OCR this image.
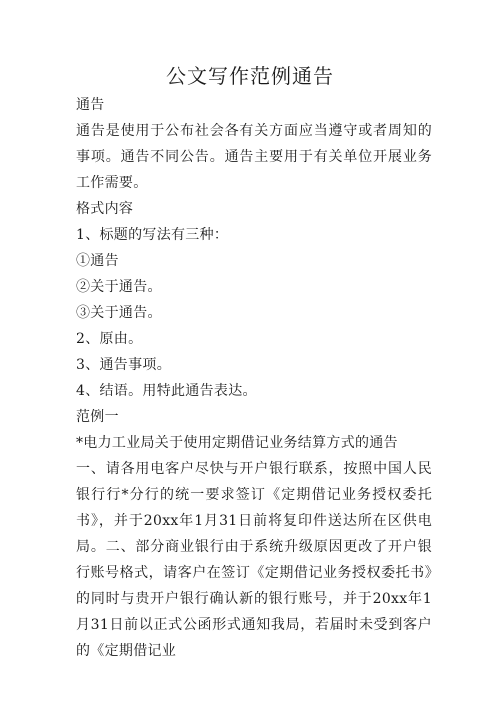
公文写作范例通告
通告
通告是使用于公布社会各有关方面应当遵守或者周知的事项。通告不同公告。通告主要用于有关单位开展业务工作需要。
格式内容
1、标题的写法有三种：
①通告
②关于通告。
③关于通告。
2、原由。
3、通告事项。
4、结语。用特此通告表达。
范例一
*电力工业局关于使用定期借记业务结算方式的通告
一、请各用电客户尽快与开户银行联系，按照中国人民银行行*分行的统一要求签订《定期借记业务授权委托书》，并于20xx年1月31日前将复印件送达所在区供电局。二、部分商业银行由于系统升级原因更改了开户银行账号格式，请客户在签订《定期借记业务授权委托书》的同时与贵开户银行确认新的银行账号，并于20xx年1月31日前以正式公函形式通知我局，若届时未受到客户的《定期借记业
